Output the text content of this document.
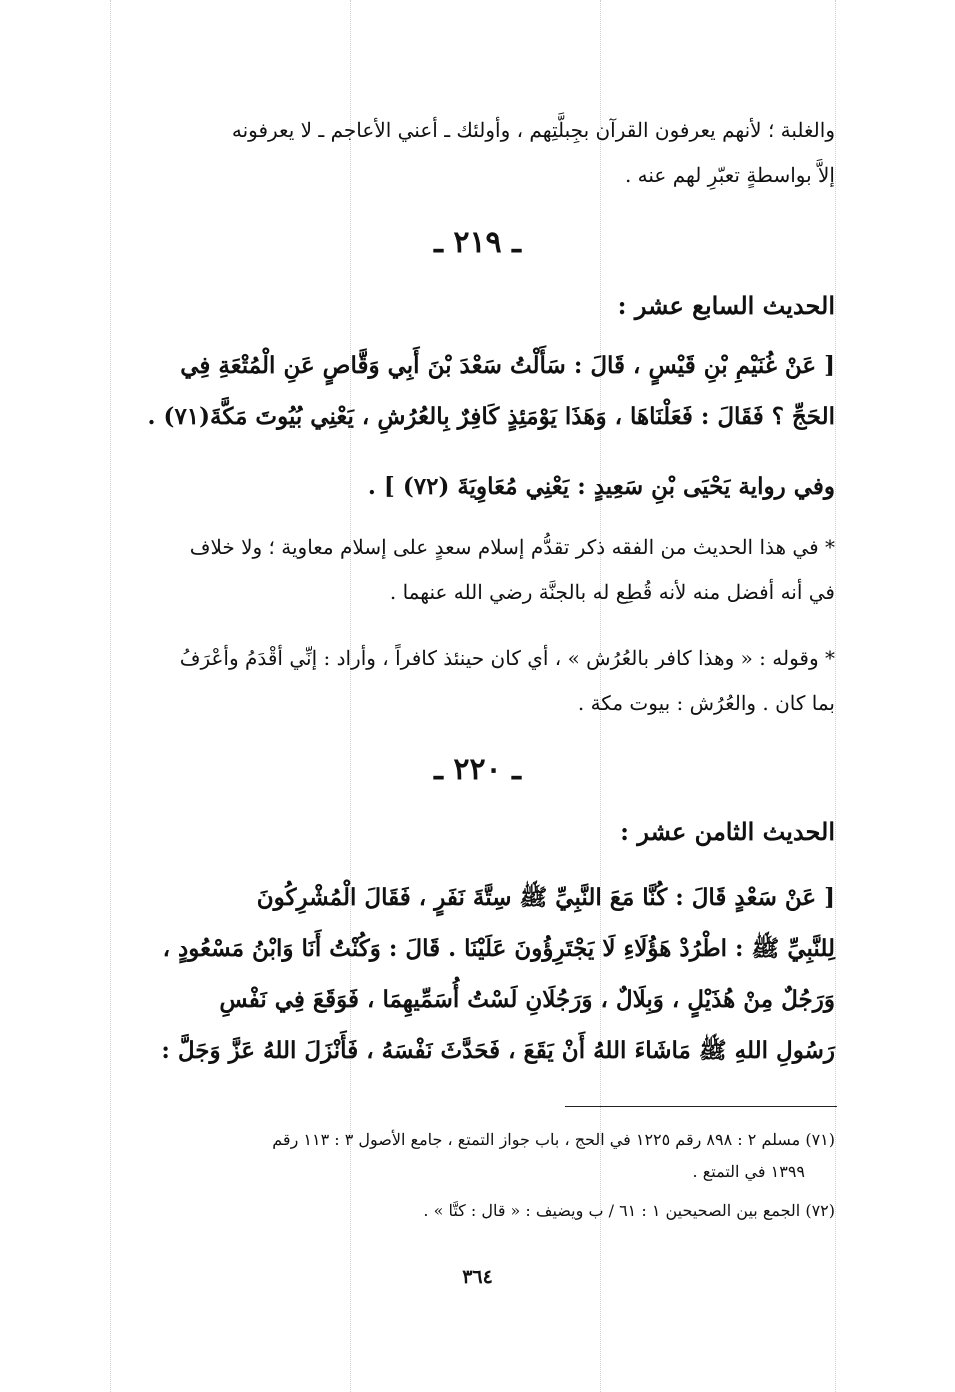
والغلبة ؛ لأنهم يعرفون القرآن بجِبلَّتِهم ، وأولئك ـ أعني الأعاجم ـ لا يعرفونه
إلاَّ بواسطةٍ تعبّرِ لهم عنه .
ـ ٢١٩ ـ
الحديث السابع عشر :
[ عَنْ غُنَيْمِ بْنِ قَيْسٍ ، قَالَ : سَأَلْتُ سَعْدَ بْنَ أَبِي وَقَّاصٍ عَنِ الْمُتْعَةِ فِي
الحَجِّ ؟ فَقَالَ : فَعَلْنَاهَا ، وَهَذَا يَوْمَئِذٍ كَافِرٌ بِالعُرُشِ ، يَعْنِي بُيُوتَ مَكَّةَ(٧١) .
وفي رواية يَحْيَى بْنِ سَعِيدٍ : يَعْنِي مُعَاوِيَةَ (٧٢) ] .
* في هذا الحديث من الفقه ذكر تقدُّم إسلام سعدٍ على إسلام معاوية ؛ ولا خلاف
في أنه أفضل منه لأنه قُطِع له بالجنَّة رضي الله عنهما .
* وقوله : « وهذا كافر بالعُرُش » ، أي كان حينئذ كافراً ، وأراد : إنِّي أقْدَمُ وأعْرَفُ
بما كان . والعُرُش : بيوت مكة .
ـ ٢٢٠ ـ
الحديث الثامن عشر :
[ عَنْ سَعْدٍ قَالَ : كُنَّا مَعَ النَّبِيِّ ﷺ سِتَّةَ نَفَرٍ ، فَقَالَ الْمُشْرِكُونَ
لِلنَّبِيِّ ﷺ : اطْرُدْ هَؤُلَاءِ لَا يَجْتَرِؤُونَ عَلَيْنَا . قَالَ : وَكُنْتُ أَنَا وَابْنُ مَسْعُودٍ ،
وَرَجُلٌ مِنْ هُذَيْلٍ ، وَبِلَالٌ ، وَرَجُلَانِ لَسْتُ أُسَمِّيهِمَا ، فَوَقَعَ فِي نَفْسِ
رَسُولِ اللهِ ﷺ مَاشَاءَ اللهُ أَنْ يَقَعَ ، فَحَدَّثَ نَفْسَهُ ، فَأَنْزَلَ اللهُ عَزَّ وَجَلَّ :
(٧١) مسلم ٢ : ٨٩٨ رقم ١٢٢٥ في الحج ، باب جواز التمتع ، جامع الأصول ٣ : ١١٣ رقم
١٣٩٩ في التمتع .
(٧٢) الجمع بين الصحيحين ١ : ٦١ / ب ويضيف : « قال : كتَّا » .
٣٦٤
